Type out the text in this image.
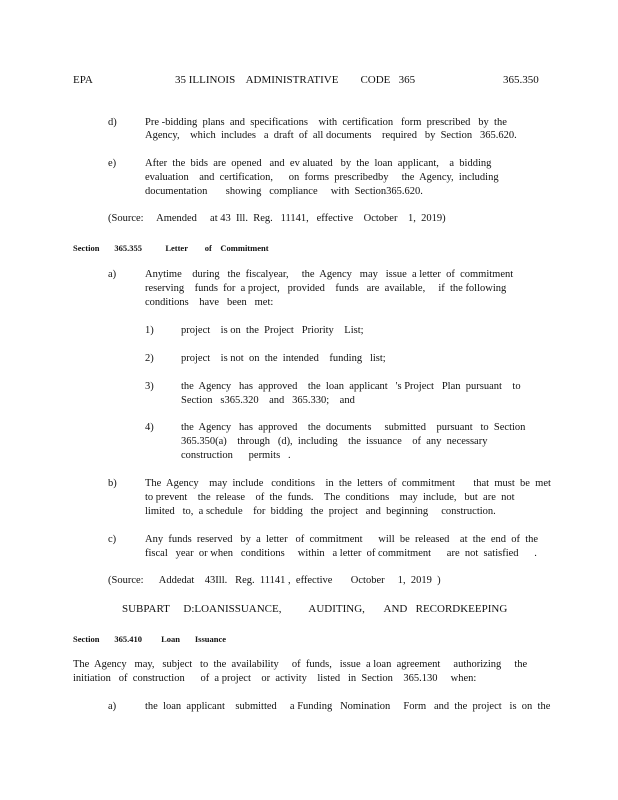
EPA	35 ILLINOIS    ADMINISTRATIVE        CODE   365	365.350
d)	Pre -bidding  plans  and  specifications    with  certification   form  prescribed   by  the
Agency,    which  includes   a  draft  of  all documents    required   by  Section   365.620.
e)	After  the  bids  are  opened   and  ev aluated   by  the  loan  applicant,    a  bidding
evaluation    and  certification,      on  forms  prescribedby     the  Agency,  including
documentation       showing   compliance     with  Section365.620.
(Source:     Amended     at 43  Ill.  Reg.   11141,   effective    October    1,  2019)
Section       365.355           Letter        of    Commitment
a)	Anytime    during   the  fiscalyear,     the  Agency   may   issue  a letter  of  commitment
reserving    funds  for  a project,   provided    funds   are  available,     if  the following
conditions    have   been   met:
1)	project    is on  the  Project   Priority    List;
2)	project    is not  on  the  intended    funding   list;
3)	the  Agency   has  approved    the  loan  applicant   's Project   Plan  pursuant    to
Section   s365.320    and   365.330;    and
4)	the  Agency   has  approved    the  documents     submitted    pursuant   to  Section
365.350(a)    through   (d),  including    the  issuance    of  any  necessary
construction      permits   .
b)	The  Agency    may  include   conditions    in  the  letters  of  commitment       that  must  be  met
to prevent    the  release    of  the  funds.    The  conditions    may  include,   but  are  not
limited   to,  a schedule    for  bidding   the  project   and  beginning     construction.
c)	Any  funds  reserved   by  a  letter   of  commitment      will  be  released    at  the  end  of  the
fiscal   year  or when   conditions     within   a letter  of commitment      are  not  satisfied      .
(Source:      Addedat    43Ill.   Reg.  11141 ,  effective       October     1,  2019  )
SUBPART     D:LOANISSUANCE,          AUDITING,       AND   RECORDKEEPING
Section       365.410         Loan       Issuance
The  Agency   may,   subject   to  the  availability     of  funds,   issue  a loan  agreement     authorizing     the
initiation   of  construction      of  a project    or  activity    listed   in  Section    365.130     when:
a)	the  loan  applicant    submitted     a Funding   Nomination     Form   and  the  project   is  on  the
